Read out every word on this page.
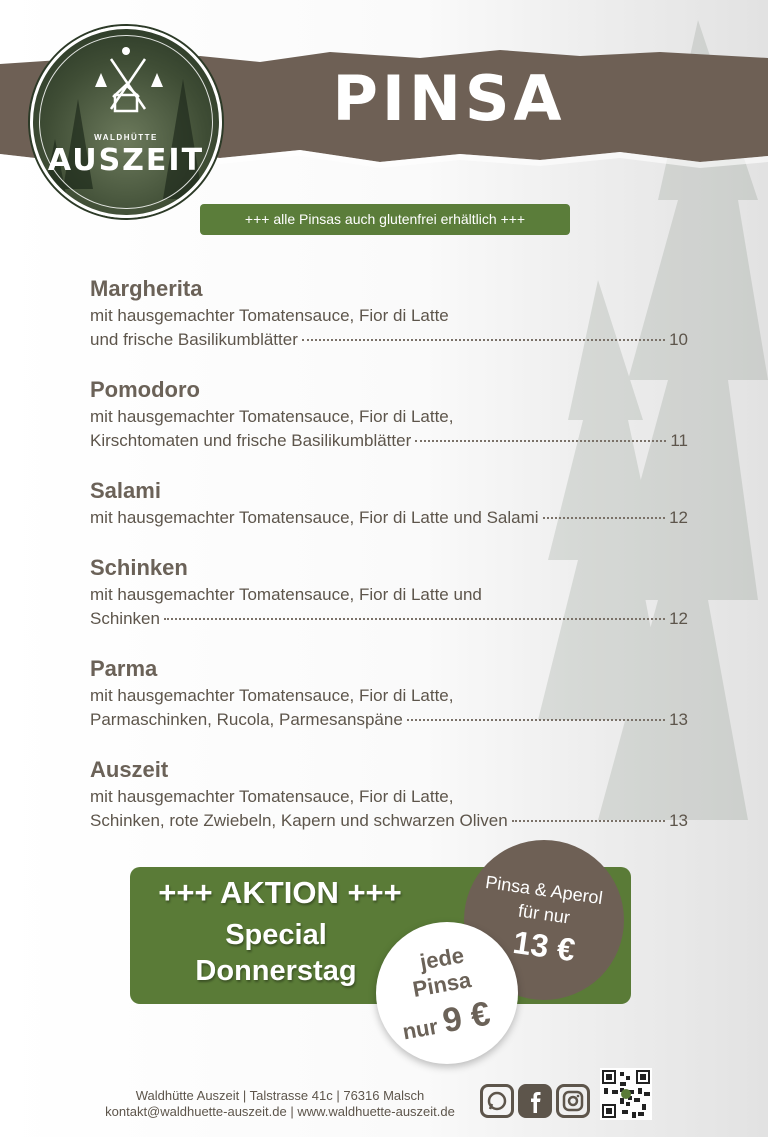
PINSA
WALDHÜTTE
AUSZEIT
+++ alle Pinsas auch glutenfrei erhältlich +++
Margherita
mit hausgemachter Tomatensauce, Fior di Latte
und frische Basilikumblätter	10
Pomodoro
mit hausgemachter Tomatensauce, Fior di Latte,
Kirschtomaten und frische Basilikumblätter	11
Salami
mit hausgemachter Tomatensauce, Fior di Latte und Salami	12
Schinken
mit hausgemachter Tomatensauce, Fior di Latte und
Schinken	12
Parma
mit hausgemachter Tomatensauce, Fior di Latte,
Parmaschinken, Rucola, Parmesanspäne	13
Auszeit
mit hausgemachter Tomatensauce, Fior di Latte,
Schinken, rote Zwiebeln, Kapern und schwarzen Oliven	13
+++ AKTION +++
Special
Donnerstag
Pinsa & Aperol
für nur
13 €
jede
Pinsa
nur 9 €
Waldhütte Auszeit | Talstrasse 41c | 76316 Malsch
kontakt@waldhuette-auszeit.de | www.waldhuette-auszeit.de
